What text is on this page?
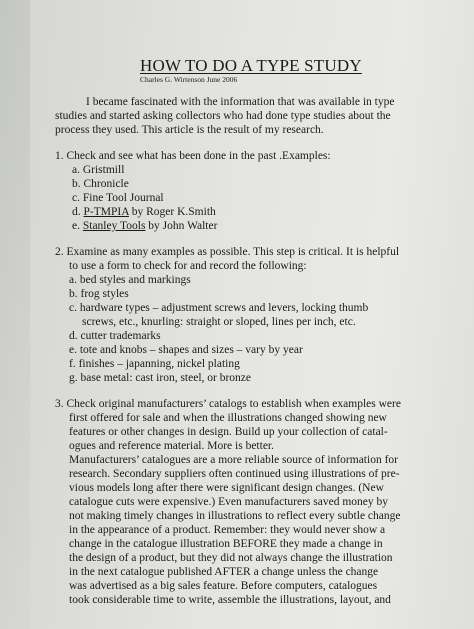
HOW TO DO A TYPE STUDY
Charles G. Wirtenson June 2006
I became fascinated with the information that was available in type
studies and started asking collectors who had done type studies about the
process they used. This article is the result of my research.
1. Check and see what has been done in the past .Examples:
a. Gristmill
b. Chronicle
c. Fine Tool Journal
d. P-TMPIA by Roger K.Smith
e. Stanley Tools by John Walter
2. Examine as many examples as possible. This step is critical. It is helpful
to use a form to check for and record the following:
a. bed styles and markings
b. frog styles
c. hardware types – adjustment screws and levers, locking thumb
screws, etc., knurling: straight or sloped, lines per inch, etc.
d. cutter trademarks
e. tote and knobs – shapes and sizes – vary by year
f. finishes – japanning, nickel plating
g. base metal: cast iron, steel, or bronze
3. Check original manufacturers’ catalogs to establish when examples were
first offered for sale and when the illustrations changed showing new
features or other changes in design. Build up your collection of catal-
ogues and reference material. More is better.
Manufacturers’ catalogues are a more reliable source of information for
research. Secondary suppliers often continued using illustrations of pre-
vious models long after there were significant design changes. (New
catalogue cuts were expensive.) Even manufacturers saved money by
not making timely changes in illustrations to reflect every subtle change
in the appearance of a product. Remember: they would never show a
change in the catalogue illustration BEFORE they made a change in
the design of a product, but they did not always change the illustration
in the next catalogue published AFTER a change unless the change
was advertised as a big sales feature. Before computers, catalogues
took considerable time to write, assemble the illustrations, layout, and
